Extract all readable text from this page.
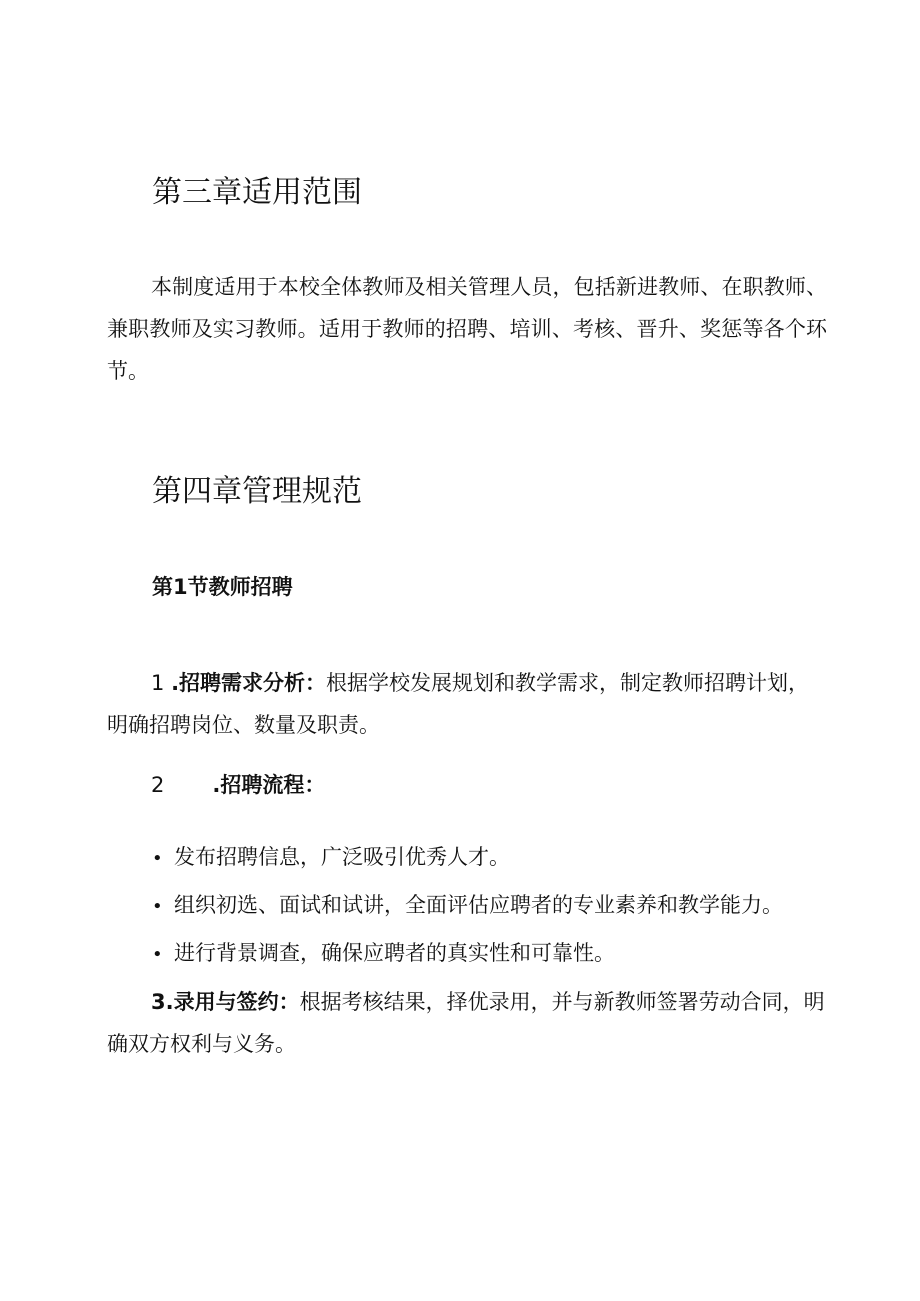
第三章适用范围
本制度适用于本校全体教师及相关管理人员，包括新进教师、在职教师、兼职教师及实习教师。适用于教师的招聘、培训、考核、晋升、奖惩等各个环节。
第四章管理规范
第1节教师招聘
1 .招聘需求分析：根据学校发展规划和教学需求，制定教师招聘计划，明确招聘岗位、数量及职责。
2 .招聘流程：
• 发布招聘信息，广泛吸引优秀人才。
• 组织初选、面试和试讲，全面评估应聘者的专业素养和教学能力。
• 进行背景调查，确保应聘者的真实性和可靠性。
3.录用与签约：根据考核结果，择优录用，并与新教师签署劳动合同，明确双方权利与义务。
